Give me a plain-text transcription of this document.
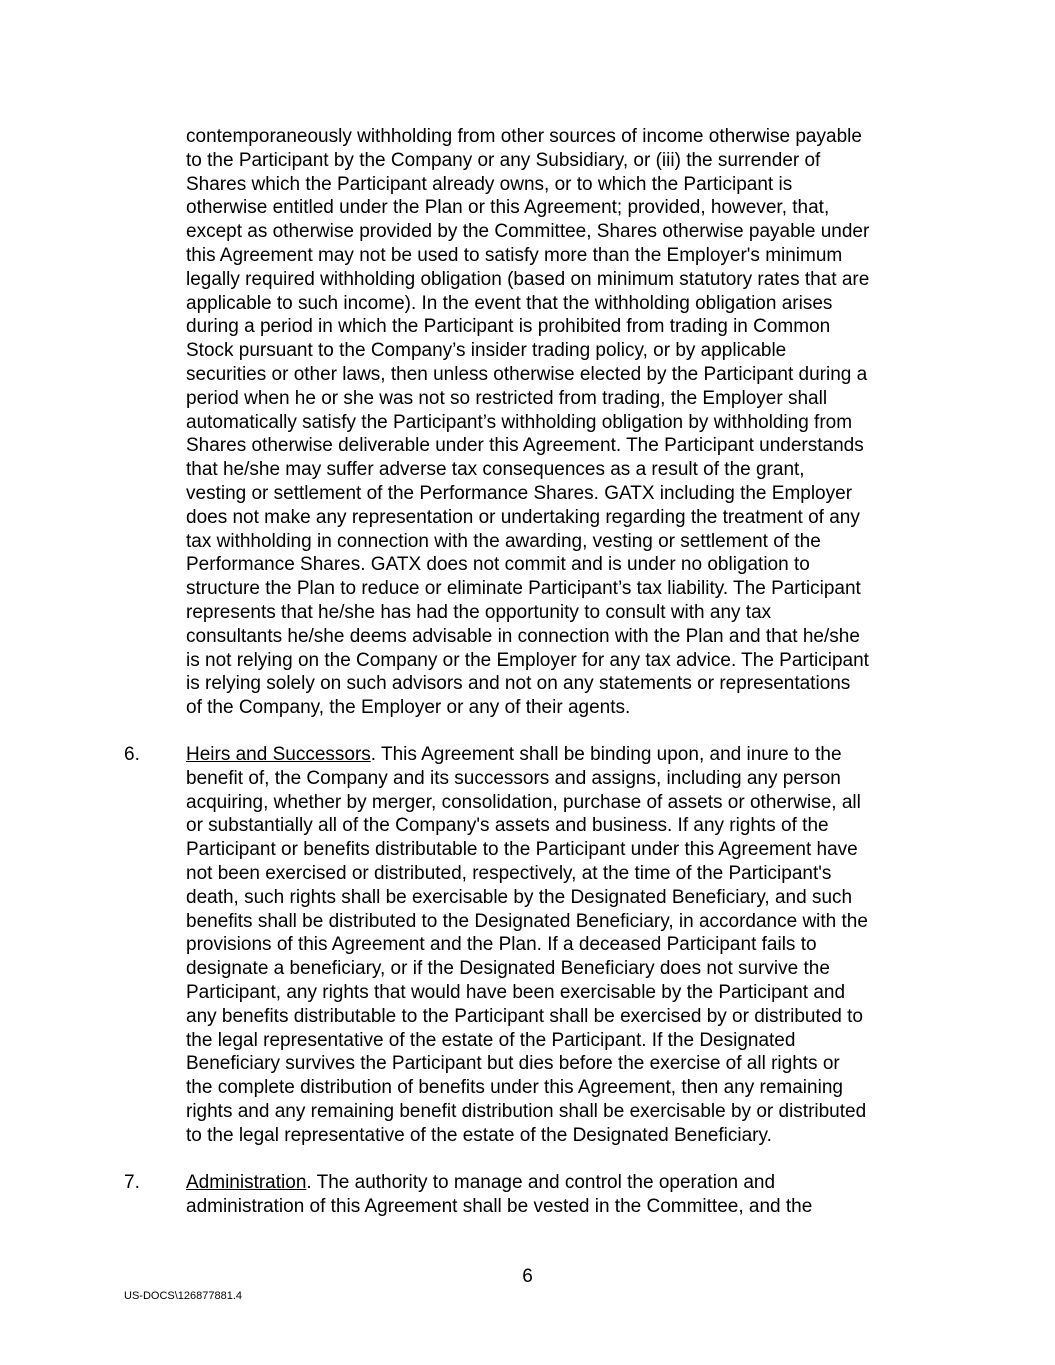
contemporaneously withholding from other sources of income otherwise payable
to the Participant by the Company or any Subsidiary, or (iii) the surrender of
Shares which the Participant already owns, or to which the Participant is
otherwise entitled under the Plan or this Agreement; provided, however, that,
except as otherwise provided by the Committee, Shares otherwise payable under
this Agreement may not be used to satisfy more than the Employer's minimum
legally required withholding obligation (based on minimum statutory rates that are
applicable to such income). In the event that the withholding obligation arises
during a period in which the Participant is prohibited from trading in Common
Stock pursuant to the Company’s insider trading policy, or by applicable
securities or other laws, then unless otherwise elected by the Participant during a
period when he or she was not so restricted from trading, the Employer shall
automatically satisfy the Participant’s withholding obligation by withholding from
Shares otherwise deliverable under this Agreement. The Participant understands
that he/she may suffer adverse tax consequences as a result of the grant,
vesting or settlement of the Performance Shares. GATX including the Employer
does not make any representation or undertaking regarding the treatment of any
tax withholding in connection with the awarding, vesting or settlement of the
Performance Shares. GATX does not commit and is under no obligation to
structure the Plan to reduce or eliminate Participant’s tax liability. The Participant
represents that he/she has had the opportunity to consult with any tax
consultants he/she deems advisable in connection with the Plan and that he/she
is not relying on the Company or the Employer for any tax advice. The Participant
is relying solely on such advisors and not on any statements or representations
of the Company, the Employer or any of their agents.
6. Heirs and Successors. This Agreement shall be binding upon, and inure to the
benefit of, the Company and its successors and assigns, including any person
acquiring, whether by merger, consolidation, purchase of assets or otherwise, all
or substantially all of the Company's assets and business. If any rights of the
Participant or benefits distributable to the Participant under this Agreement have
not been exercised or distributed, respectively, at the time of the Participant's
death, such rights shall be exercisable by the Designated Beneficiary, and such
benefits shall be distributed to the Designated Beneficiary, in accordance with the
provisions of this Agreement and the Plan. If a deceased Participant fails to
designate a beneficiary, or if the Designated Beneficiary does not survive the
Participant, any rights that would have been exercisable by the Participant and
any benefits distributable to the Participant shall be exercised by or distributed to
the legal representative of the estate of the Participant. If the Designated
Beneficiary survives the Participant but dies before the exercise of all rights or
the complete distribution of benefits under this Agreement, then any remaining
rights and any remaining benefit distribution shall be exercisable by or distributed
to the legal representative of the estate of the Designated Beneficiary.
7. Administration. The authority to manage and control the operation and
administration of this Agreement shall be vested in the Committee, and the
6
US-DOCS\126877881.4
